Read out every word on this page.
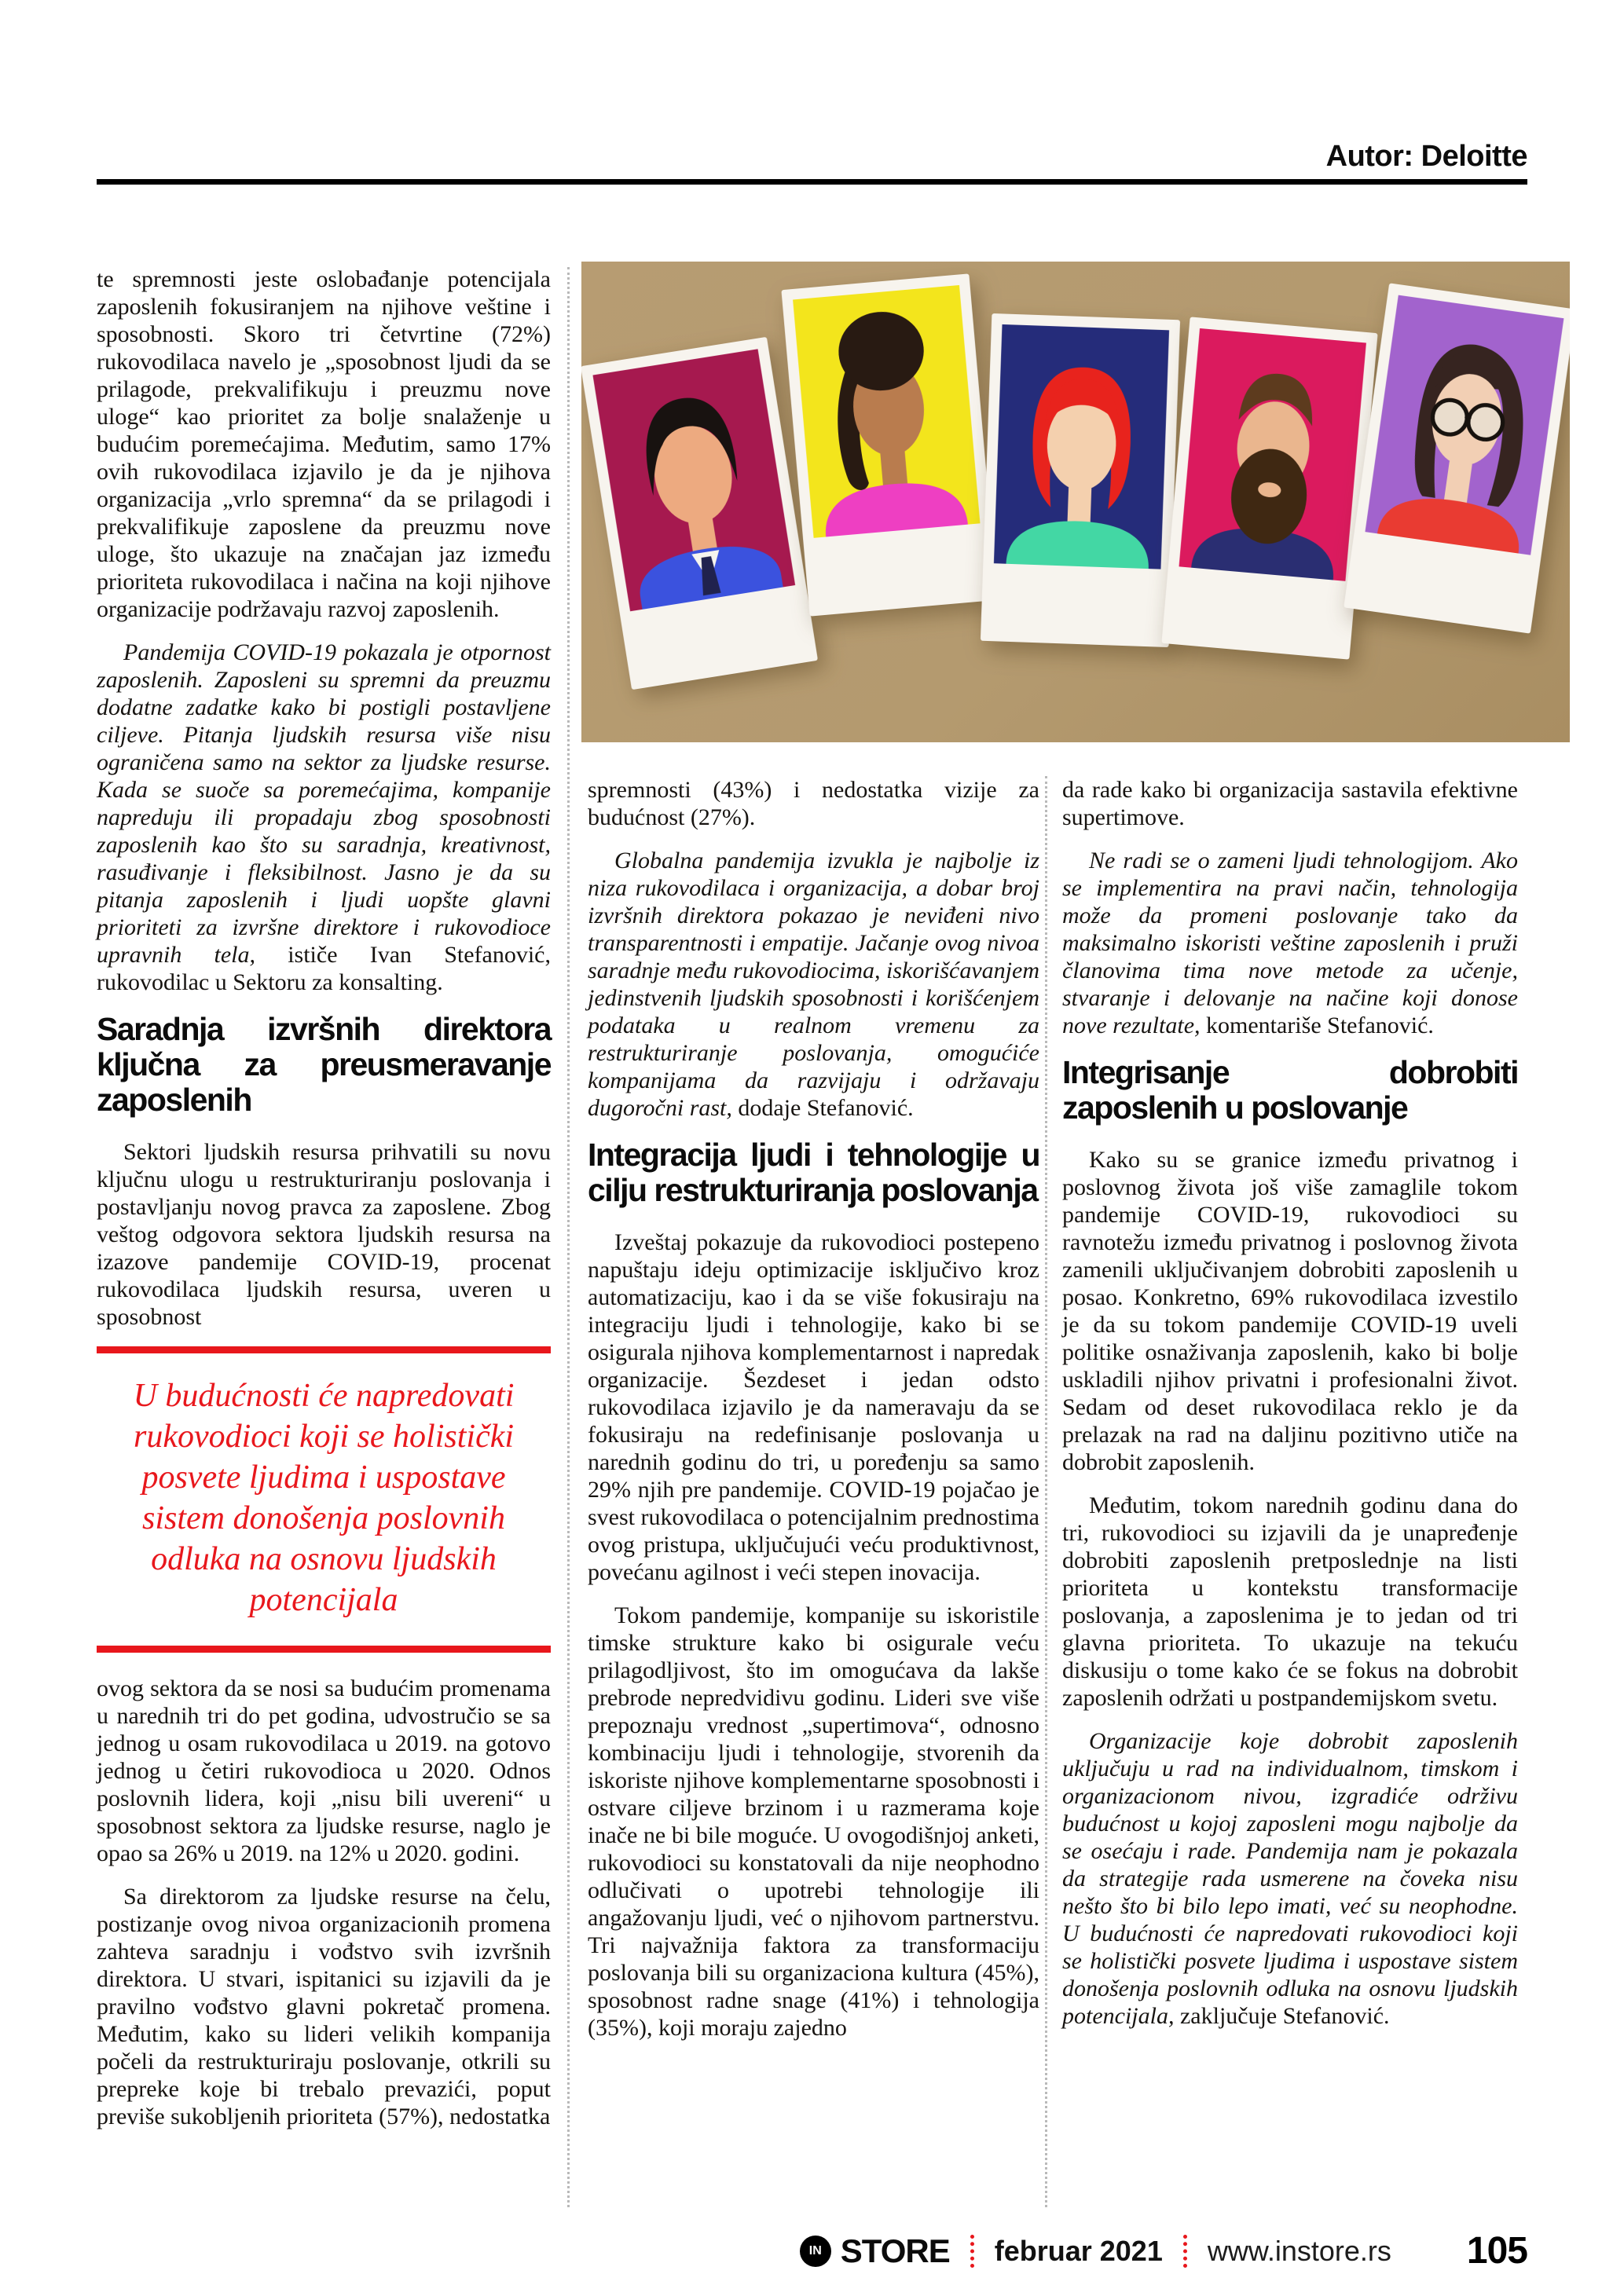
Autor: Deloitte

te spremnosti jeste oslobađanje potencijala zaposlenih fokusiranjem na njihove veštine i sposobnosti. Skoro tri četvrtine (72%) rukovodilaca navelo je „sposobnost ljudi da se prilagode, prekvalifikuju i preuzmu nove uloge“ kao prioritet za bolje snalaženje u budućim poremećajima. Međutim, samo 17% ovih rukovodilaca izjavilo je da je njihova organizacija „vrlo spremna“ da se prilagodi i prekvalifikuje zaposlene da preuzmu nove uloge, što ukazuje na značajan jaz između prioriteta rukovodilaca i načina na koji njihove organizacije podržavaju razvoj zaposlenih.

Pandemija COVID-19 pokazala je otpornost zaposlenih. Zaposleni su spremni da preuzmu dodatne zadatke kako bi postigli postavljene ciljeve. Pitanja ljudskih resursa više nisu ograničena samo na sektor za ljudske resurse. Kada se suoče sa poremećajima, kompanije napreduju ili propadaju zbog sposobnosti zaposlenih kao što su saradnja, kreativnost, rasuđivanje i fleksibilnost. Jasno je da su pitanja zaposlenih i ljudi uopšte glavni prioriteti za izvršne direktore i rukovodioce upravnih tela, ističe Ivan Stefanović, rukovodilac u Sektoru za konsalting.

Saradnja izvršnih direktora ključna za preusmeravanje zaposlenih

Sektori ljudskih resursa prihvatili su novu ključnu ulogu u restrukturiranju poslovanja i postavljanju novog pravca za zaposlene. Zbog veštog odgovora sektora ljudskih resursa na izazove pandemije COVID-19, procenat rukovodilaca ljudskih resursa, uveren u sposobnost

U budućnosti će napredovati rukovodioci koji se holistički posvete ljudima i uspostave sistem donošenja poslovnih odluka na osnovu ljudskih potencijala

ovog sektora da se nosi sa budućim promenama u narednih tri do pet godina, udvostručio se sa jednog u osam rukovodilaca u 2019. na gotovo jednog u četiri rukovodioca u 2020. Odnos poslovnih lidera, koji „nisu bili uvereni“ u sposobnost sektora za ljudske resurse, naglo je opao sa 26% u 2019. na 12% u 2020. godini.

Sa direktorom za ljudske resurse na čelu, postizanje ovog nivoa organizacionih promena zahteva saradnju i vođstvo svih izvršnih direktora. U stvari, ispitanici su izjavili da je pravilno vođstvo glavni pokretač promena. Međutim, kako su lideri velikih kompanija počeli da restrukturiraju poslovanje, otkrili su prepreke koje bi trebalo prevazići, poput previše sukobljenih prioriteta (57%), nedostatka

spremnosti (43%) i nedostatka vizije za budućnost (27%).

Globalna pandemija izvukla je najbolje iz niza rukovodilaca i organizacija, a dobar broj izvršnih direktora pokazao je neviđeni nivo transparentnosti i empatije. Jačanje ovog nivoa saradnje među rukovodiocima, iskorišćavanjem jedinstvenih ljudskih sposobnosti i korišćenjem podataka u realnom vremenu za restrukturiranje poslovanja, omogućiće kompanijama da razvijaju i održavaju dugoročni rast, dodaje Stefanović.

Integracija ljudi i tehnologije u cilju restrukturiranja poslovanja

Izveštaj pokazuje da rukovodioci postepeno napuštaju ideju optimizacije isključivo kroz automatizaciju, kao i da se više fokusiraju na integraciju ljudi i tehnologije, kako bi se osigurala njihova komplementarnost i napredak organizacije. Šezdeset i jedan odsto rukovodilaca izjavilo je da nameravaju da se fokusiraju na redefinisanje poslovanja u narednih godinu do tri, u poređenju sa samo 29% njih pre pandemije. COVID-19 pojačao je svest rukovodilaca o potencijalnim prednostima ovog pristupa, uključujući veću produktivnost, povećanu agilnost i veći stepen inovacija.

Tokom pandemije, kompanije su iskoristile timske strukture kako bi osigurale veću prilagodljivost, što im omogućava da lakše prebrode nepredvidivu godinu. Lideri sve više prepoznaju vrednost „supertimova“, odnosno kombinaciju ljudi i tehnologije, stvorenih da iskoriste njihove komplementarne sposobnosti i ostvare ciljeve brzinom i u razmerama koje inače ne bi bile moguće. U ovogodišnjoj anketi, rukovodioci su konstatovali da nije neophodno odlučivati o upotrebi tehnologije ili angažovanju ljudi, već o njihovom partnerstvu. Tri najvažnija faktora za transformaciju poslovanja bili su organizaciona kultura (45%), sposobnost radne snage (41%) i tehnologija (35%), koji moraju zajedno

da rade kako bi organizacija sastavila efektivne supertimove.

Ne radi se o zameni ljudi tehnologijom. Ako se implementira na pravi način, tehnologija može da promeni poslovanje tako da maksimalno iskoristi veštine zaposlenih i pruži članovima tima nove metode za učenje, stvaranje i delovanje na načine koji donose nove rezultate, komentariše Stefanović.

Integrisanje dobrobiti zaposlenih u poslovanje

Kako su se granice između privatnog i poslovnog života još više zamaglile tokom pandemije COVID-19, rukovodioci su ravnotežu između privatnog i poslovnog života zamenili uključivanjem dobrobiti zaposlenih u posao. Konkretno, 69% rukovodilaca izvestilo je da su tokom pandemije COVID-19 uveli politike osnaživanja zaposlenih, kako bi bolje uskladili njihov privatni i profesionalni život. Sedam od deset rukovodilaca reklo je da prelazak na rad na daljinu pozitivno utiče na dobrobit zaposlenih.

Međutim, tokom narednih godinu dana do tri, rukovodioci su izjavili da je unapređenje dobrobiti zaposlenih pretposlednje na listi prioriteta u kontekstu transformacije poslovanja, a zaposlenima je to jedan od tri glavna prioriteta. To ukazuje na tekuću diskusiju o tome kako će se fokus na dobrobit zaposlenih održati u postpandemijskom svetu.

Organizacije koje dobrobit zaposlenih uključuju u rad na individualnom, timskom i organizacionom nivou, izgradiće održivu budućnost u kojoj zaposleni mogu najbolje da se osećaju i rade. Pandemija nam je pokazala da strategije rada usmerene na čoveka nisu nešto što bi bilo lepo imati, već su neophodne. U budućnosti će napredovati rukovodioci koji se holistički posvete ljudima i uspostave sistem donošenja poslovnih odluka na osnovu ljudskih potencijala, zaključuje Stefanović.

IN STORE februar 2021 www.instore.rs 105
